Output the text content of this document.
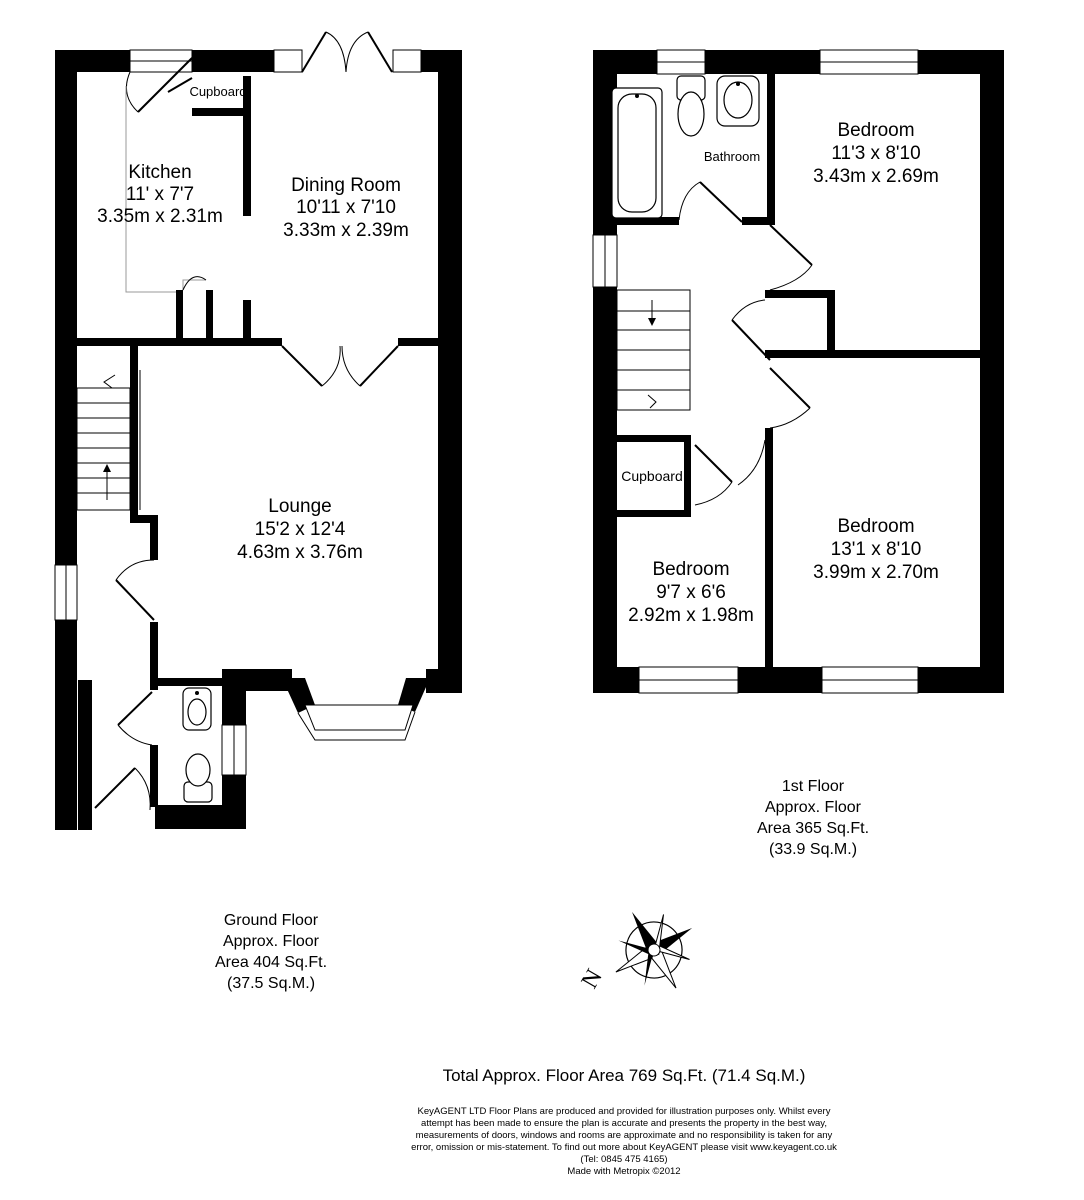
Cupboard
Kitchen
11' x 7'7
3.35m x 2.31m
Dining Room
10'11 x 7'10
3.33m x 2.39m
Lounge
15'2 x 12'4
4.63m x 3.76m
Bathroom
Bedroom
11'3 x 8'10
3.43m x 2.69m
Bedroom
13'1 x 8'10
3.99m x 2.70m
Cupboard
Bedroom
9'7 x 6'6
2.92m x 1.98m
1st Floor
Approx. Floor
Area 365 Sq.Ft.
(33.9 Sq.M.)
Ground Floor
Approx. Floor
Area 404 Sq.Ft.
(37.5 Sq.M.)	N
Total Approx. Floor Area 769 Sq.Ft. (71.4 Sq.M.)
KeyAGENT LTD Floor Plans are produced and provided for illustration purposes only. Whilst every
attempt has been made to ensure the plan is accurate and presents the property in the best way,
measurements of doors, windows and rooms are approximate and no responsibility is taken for any
error, omission or mis-statement. To find out more about KeyAGENT please visit www.keyagent.co.uk
(Tel: 0845 475 4165)
Made with Metropix ©2012
